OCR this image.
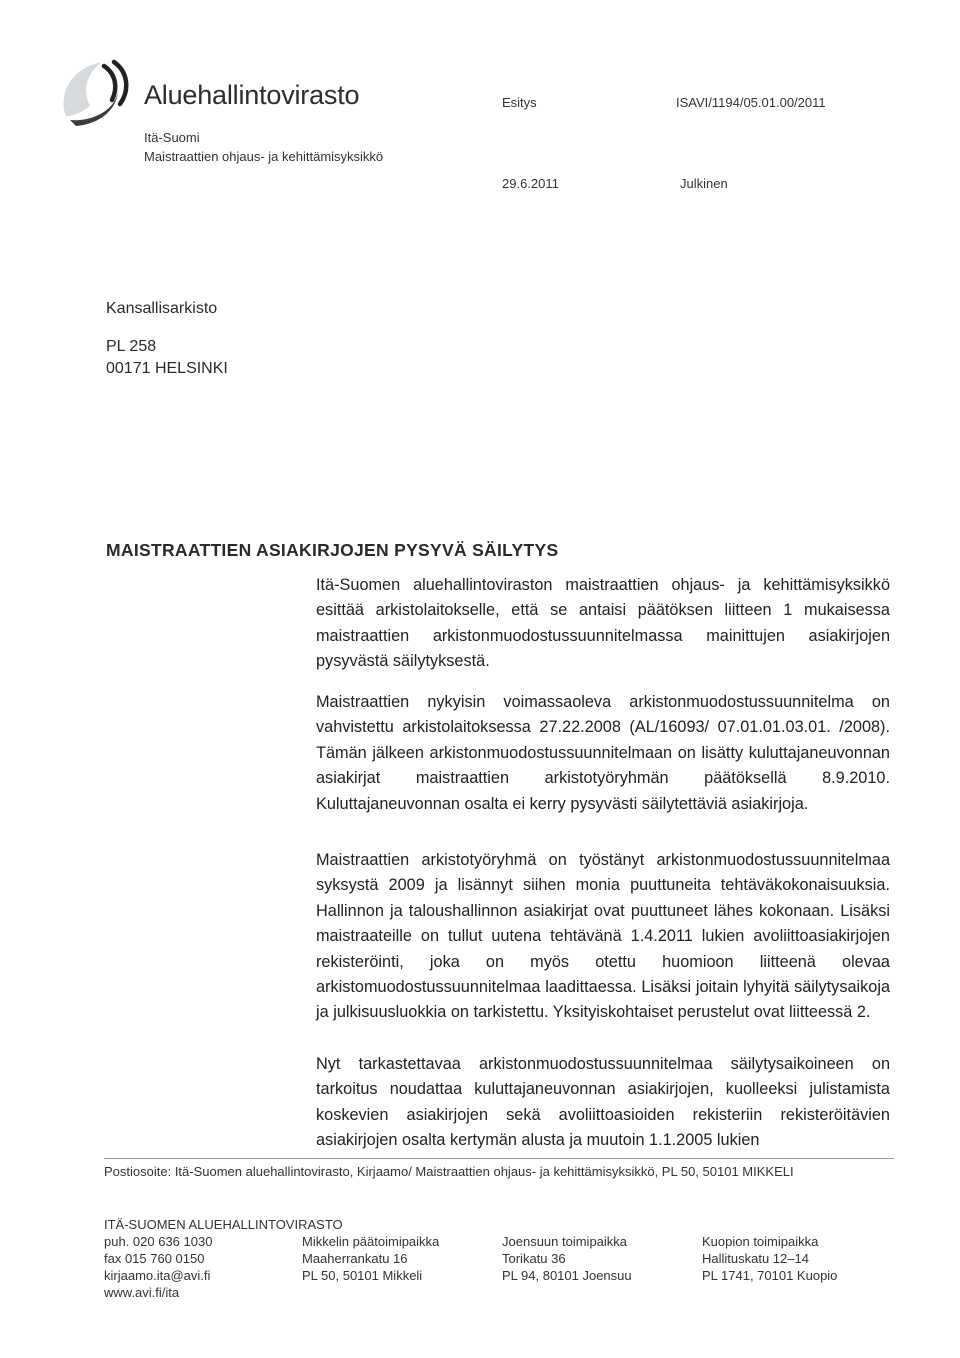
Aluehallintovirasto
Itä-Suomi
Maistraattien ohjaus- ja kehittämisyksikkö
Esitys	ISAVI/1194/05.01.00/2011
29.6.2011	Julkinen
Kansallisarkisto
PL 258
00171 HELSINKI
MAISTRAATTIEN ASIAKIRJOJEN PYSYVÄ SÄILYTYS

Itä-Suomen aluehallintoviraston maistraattien ohjaus- ja kehittämisyksikkö esittää arkistolaitokselle, että se antaisi päätöksen liitteen 1 mukaisessa maistraattien arkistonmuodostussuunnitelmassa mainittujen asiakirjojen pysyvästä säilytyksestä.

Maistraattien nykyisin voimassaoleva arkistonmuodostussuunnitelma on vahvistettu arkistolaitoksessa 27.22.2008 (AL/16093/ 07.01.01.03.01. /2008). Tämän jälkeen arkistonmuodostussuunnitelmaan on lisätty kuluttajaneuvonnan asiakirjat maistraattien arkistotyöryhmän päätöksellä 8.9.2010. Kuluttajaneuvonnan osalta ei kerry pysyvästi säilytettäviä asiakirjoja.

Maistraattien arkistotyöryhmä on työstänyt arkistonmuodostussuunnitelmaa syksystä 2009 ja lisännyt siihen monia puuttuneita tehtäväkokonaisuuksia. Hallinnon ja taloushallinnon asiakirjat ovat puuttuneet lähes kokonaan. Lisäksi maistraateille on tullut uutena tehtävänä 1.4.2011 lukien avoliittoasiakirjojen rekisteröinti, joka on myös otettu huomioon liitteenä olevaa arkistomuodostussuunnitelmaa laadittaessa. Lisäksi joitain lyhyitä säilytysaikoja ja julkisuusluokkia on tarkistettu. Yksityiskohtaiset perustelut ovat liitteessä 2.

Nyt tarkastettavaa arkistonmuodostussuunnitelmaa säilytysaikoineen on tarkoitus noudattaa kuluttajaneuvonnan asiakirjojen, kuolleeksi julistamista koskevien asiakirjojen sekä avoliittoasioiden rekisteriin rekisteröitävien asiakirjojen osalta kertymän alusta ja muutoin 1.1.2005 lukien

Postiosoite: Itä-Suomen aluehallintovirasto, Kirjaamo/ Maistraattien ohjaus- ja kehittämisyksikkö, PL 50, 50101 MIKKELI
ITÄ-SUOMEN ALUEHALLINTOVIRASTO
puh. 020 636 1030
fax 015 760 0150
kirjaamo.ita@avi.fi
www.avi.fi/ita
Mikkelin päätoimipaikka
Maaherrankatu 16
PL 50, 50101 Mikkeli
Joensuun toimipaikka
Torikatu 36
PL 94, 80101 Joensuu
Kuopion toimipaikka
Hallituskatu 12–14
PL 1741, 70101 Kuopio
